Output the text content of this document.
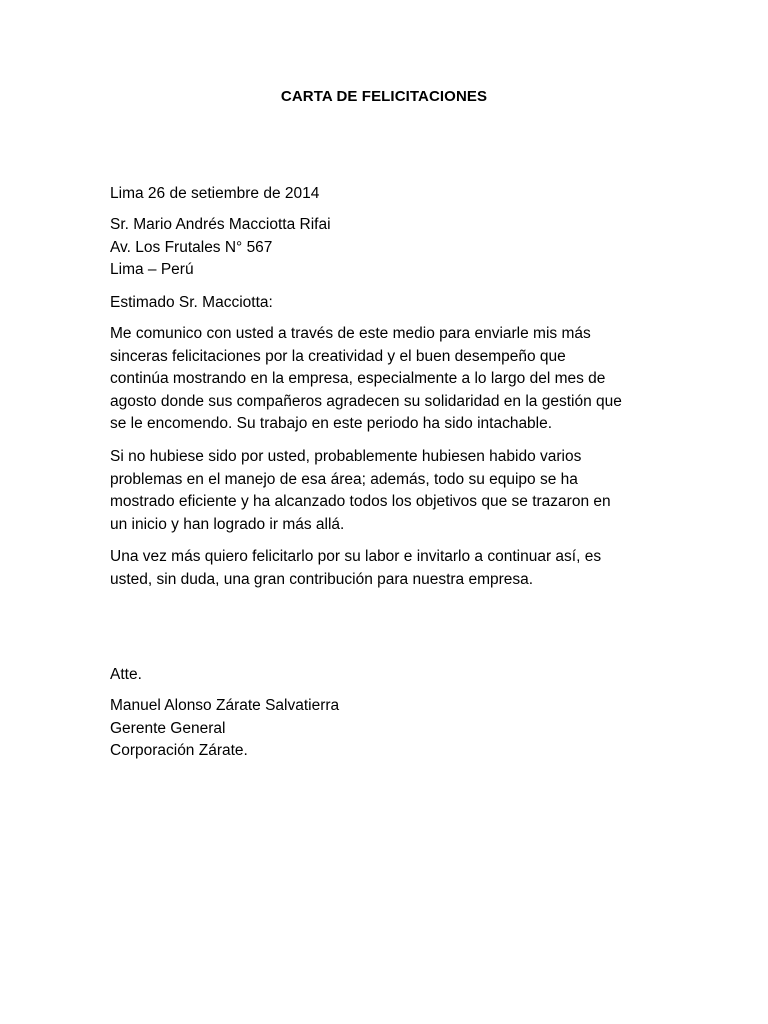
CARTA DE FELICITACIONES
Lima 26 de setiembre de 2014
Sr. Mario Andrés Macciotta Rifai
Av. Los Frutales N° 567
Lima – Perú
Estimado Sr. Macciotta:
Me comunico con usted a través de este medio para enviarle mis más
sinceras felicitaciones por la creatividad y el buen desempeño que
continúa mostrando en la empresa, especialmente a lo largo del mes de
agosto donde sus compañeros agradecen su solidaridad en la gestión que
se le encomendo. Su trabajo en este periodo ha sido intachable.
Si no hubiese sido por usted, probablemente hubiesen habido varios
problemas en el manejo de esa área; además, todo su equipo se ha
mostrado eficiente y ha alcanzado todos los objetivos que se trazaron en
un inicio y han logrado ir más allá.
Una vez más quiero felicitarlo por su labor e invitarlo a continuar así, es
usted, sin duda, una gran contribución para nuestra empresa.
Atte.
Manuel Alonso Zárate Salvatierra
Gerente General
Corporación Zárate.
